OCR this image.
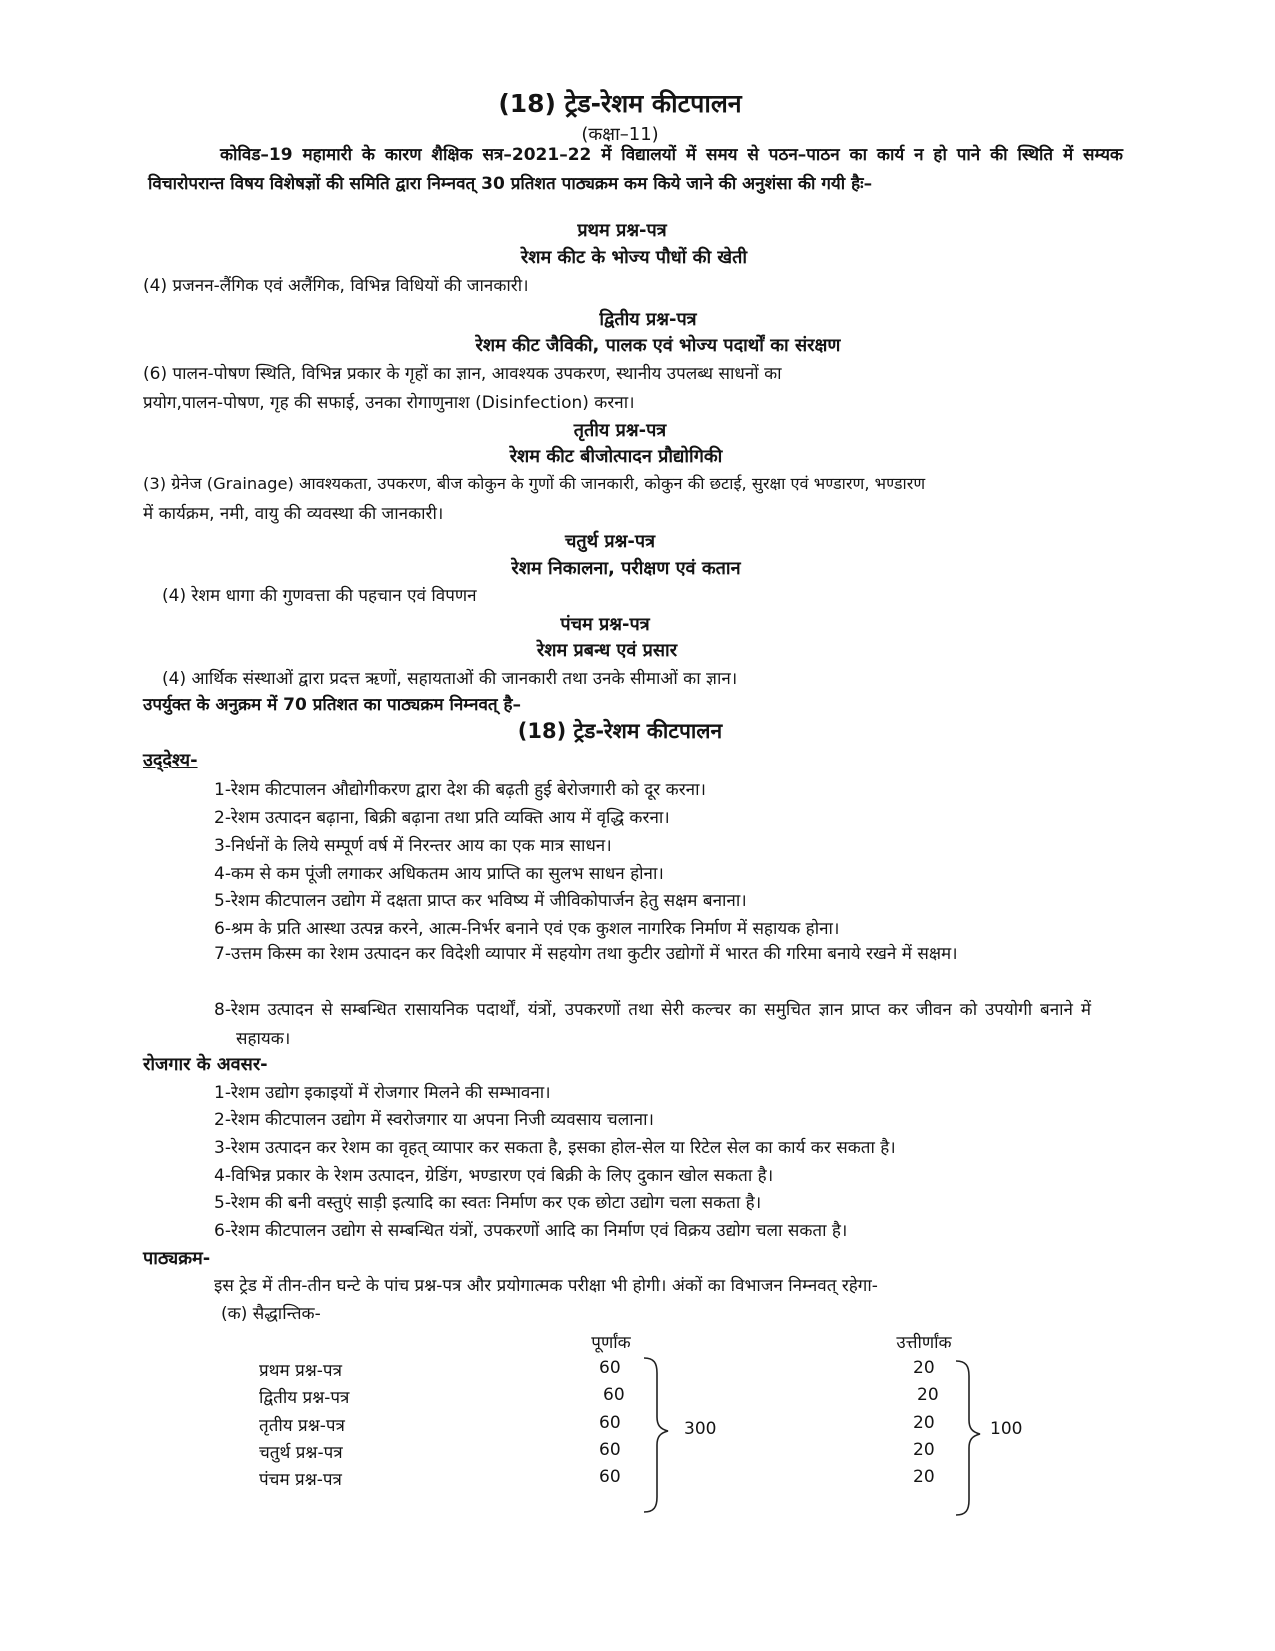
(18) ट्रेड-रेशम कीटपालन
(कक्षा–11)
कोविड–19 महामारी के कारण शैक्षिक सत्र–2021–22 में विद्यालयों में समय से पठन–पाठन का कार्य न हो पाने की स्थिति में सम्यक विचारोपरान्त विषय विशेषज्ञों की समिति द्वारा निम्नवत् 30 प्रतिशत पाठ्यक्रम कम किये जाने की अनुशंसा की गयी हैः–
प्रथम प्रश्न-पत्र
रेशम कीट के भोज्य पौधों की खेती
(4) प्रजनन-लैंगिक एवं अलैंगिक, विभिन्न विधियों की जानकारी।
द्वितीय प्रश्न-पत्र
रेशम कीट जैविकी, पालक एवं भोज्य पदार्थों का संरक्षण
(6) पालन-पोषण स्थिति, विभिन्न प्रकार के गृहों का ज्ञान, आवश्यक उपकरण, स्थानीय उपलब्ध साधनों का
प्रयोग,पालन-पोषण, गृह की सफाई, उनका रोगाणुनाश (Disinfection) करना।
तृतीय प्रश्न-पत्र
रेशम कीट बीजोत्पादन प्रौद्योगिकी
(3) ग्रेनेज (Grainage) आवश्यकता, उपकरण, बीज कोकुन के गुणों की जानकारी, कोकुन की छटाई, सुरक्षा एवं भण्डारण, भण्डारण
में कार्यक्रम, नमी, वायु की व्यवस्था की जानकारी।
चतुर्थ प्रश्न-पत्र
रेशम निकालना, परीक्षण एवं कतान
(4) रेशम धागा की गुणवत्ता की पहचान एवं विपणन
पंचम प्रश्न-पत्र
रेशम प्रबन्ध एवं प्रसार
(4) आर्थिक संस्थाओं द्वारा प्रदत्त ऋणों, सहायताओं की जानकारी तथा उनके सीमाओं का ज्ञान।
उपर्युक्त के अनुक्रम में 70 प्रतिशत का पाठ्यक्रम निम्नवत् है–
(18) ट्रेड-रेशम कीटपालन
उद्‌देश्य-
1-रेशम कीटपालन औद्योगीकरण द्वारा देश की बढ़ती हुई बेरोजगारी को दूर करना।
2-रेशम उत्पादन बढ़ाना, बिक्री बढ़ाना तथा प्रति व्यक्ति आय में वृद्धि करना।
3-निर्धनों के लिये सम्पूर्ण वर्ष में निरन्तर आय का एक मात्र साधन।
4-कम से कम पूंजी लगाकर अधिकतम आय प्राप्ति का सुलभ साधन होना।
5-रेशम कीटपालन उद्योग में दक्षता प्राप्त कर भविष्य में जीविकोपार्जन हेतु सक्षम बनाना।
6-श्रम के प्रति आस्था उत्पन्न करने, आत्म-निर्भर बनाने एवं एक कुशल नागरिक निर्माण में सहायक होना।
7-उत्तम किस्म का रेशम उत्पादन कर विदेशी व्यापार में सहयोग तथा कुटीर उद्योगों में भारत की गरिमा बनाये रखने में सक्षम।
8-रेशम उत्पादन से सम्बन्धित रासायनिक पदार्थों, यंत्रों, उपकरणों तथा सेरी कल्चर का समुचित ज्ञान प्राप्त कर जीवन को उपयोगी बनाने में सहायक।
रोजगार के अवसर-
1-रेशम उद्योग इकाइयों में रोजगार मिलने की सम्भावना।
2-रेशम कीटपालन उद्योग में स्वरोजगार या अपना निजी व्यवसाय चलाना।
3-रेशम उत्पादन कर रेशम का वृहत् व्यापार कर सकता है, इसका होल-सेल या रिटेल सेल का कार्य कर सकता है।
4-विभिन्न प्रकार के रेशम उत्पादन, ग्रेडिंग, भण्डारण एवं बिक्री के लिए दुकान खोल सकता है।
5-रेशम की बनी वस्तुएं साड़ी इत्यादि का स्वतः निर्माण कर एक छोटा उद्योग चला सकता है।
6-रेशम कीटपालन उद्योग से सम्बन्धित यंत्रों, उपकरणों आदि का निर्माण एवं विक्रय उद्योग चला सकता है।
पाठ्यक्रम-
इस ट्रेड में तीन-तीन घन्टे के पांच प्रश्न-पत्र और प्रयोगात्मक परीक्षा भी होगी। अंकों का विभाजन निम्नवत् रहेगा-
(क) सैद्धान्तिक-
पूर्णांक	उत्तीर्णांक
प्रथम प्रश्न-पत्र	60	20
द्वितीय प्रश्न-पत्र	60	20
तृतीय प्रश्न-पत्र	60	20
चतुर्थ प्रश्न-पत्र	60	20
पंचम प्रश्न-पत्र	60	20
300	100
